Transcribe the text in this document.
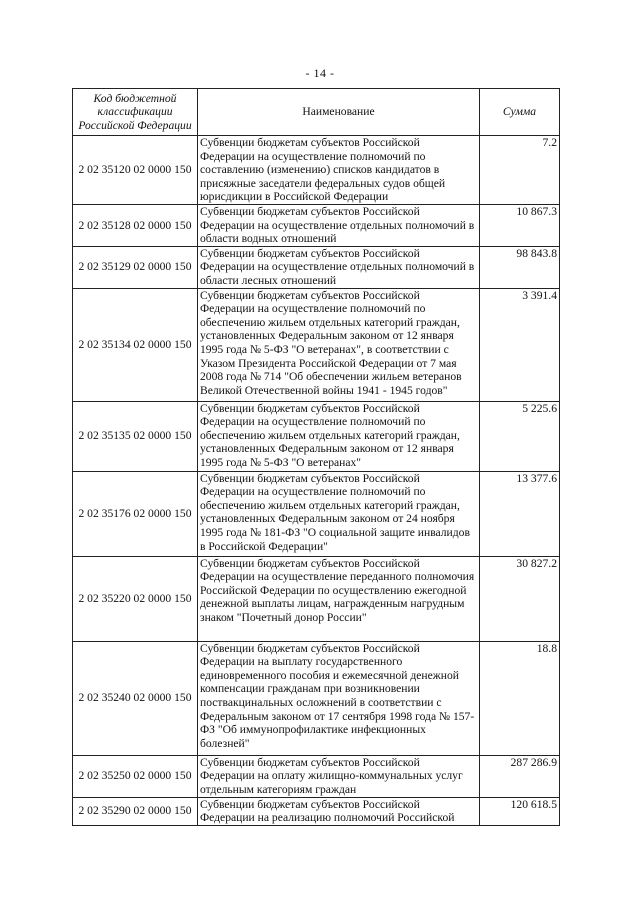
- 14 -
Код бюджетной классификации Российской Федерации	Наименование	Сумма
2 02 35120 02 0000 150	Субвенции бюджетам субъектов Российской Федерации на осуществление полномочий по составлению (изменению) списков кандидатов в присяжные заседатели федеральных судов общей юрисдикции в Российской Федерации	7.2
2 02 35128 02 0000 150	Субвенции бюджетам субъектов Российской Федерации на осуществление отдельных полномочий в области водных отношений	10 867.3
2 02 35129 02 0000 150	Субвенции бюджетам субъектов Российской Федерации на осуществление отдельных полномочий в области лесных отношений	98 843.8
2 02 35134 02 0000 150	Субвенции бюджетам субъектов Российской Федерации на осуществление полномочий по обеспечению жильем отдельных категорий граждан, установленных Федеральным законом от 12 января 1995 года № 5-ФЗ "О ветеранах", в соответствии с Указом Президента Российской Федерации от 7 мая 2008 года № 714 "Об обеспечении жильем ветеранов Великой Отечественной войны 1941 - 1945 годов"	3 391.4
2 02 35135 02 0000 150	Субвенции бюджетам субъектов Российской Федерации на осуществление полномочий по обеспечению жильем отдельных категорий граждан, установленных Федеральным законом от 12 января 1995 года № 5-ФЗ "О ветеранах"	5 225.6
2 02 35176 02 0000 150	Субвенции бюджетам субъектов Российской Федерации на осуществление полномочий по обеспечению жильем отдельных категорий граждан, установленных Федеральным законом от 24 ноября 1995 года № 181-ФЗ "О социальной защите инвалидов в Российской Федерации"	13 377.6
2 02 35220 02 0000 150	Субвенции бюджетам субъектов Российской Федерации на осуществление переданного полномочия Российской Федерации по осуществлению ежегодной денежной выплаты лицам, награжденным нагрудным знаком "Почетный донор России"	30 827.2
2 02 35240 02 0000 150	Субвенции бюджетам субъектов Российской Федерации на выплату государственного единовременного пособия и ежемесячной денежной компенсации гражданам при возникновении поствакцинальных осложнений в соответствии с Федеральным законом от 17 сентября 1998 года № 157-ФЗ "Об иммунопрофилактике инфекционных болезней"	18.8
2 02 35250 02 0000 150	Субвенции бюджетам субъектов Российской Федерации на оплату жилищно-коммунальных услуг отдельным категориям граждан	287 286.9
2 02 35290 02 0000 150	Субвенции бюджетам субъектов Российской Федерации на реализацию полномочий Российской	120 618.5
